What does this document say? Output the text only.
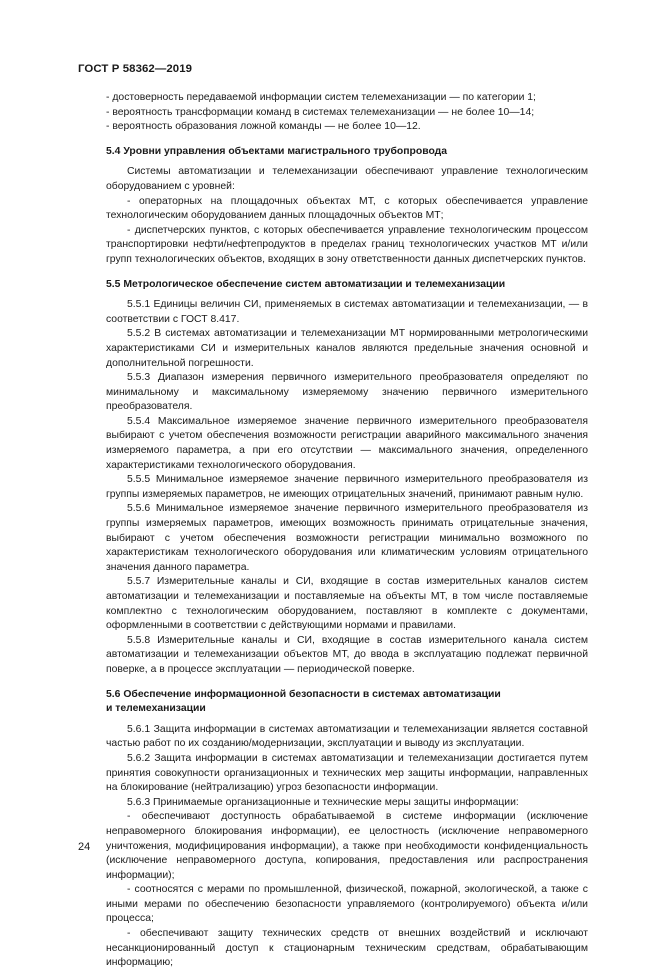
ГОСТ Р 58362—2019

- достоверность передаваемой информации систем телемеханизации — по категории 1;

- вероятность трансформации команд в системах телемеханизации — не более 10—14;

- вероятность образования ложной команды — не более 10—12.

5.4 Уровни управления объектами магистрального трубопровода

Системы автоматизации и телемеханизации обеспечивают управление технологическим оборудованием с уровней:

- операторных на площадочных объектах МТ, с которых обеспечивается управление технологическим оборудованием данных площадочных объектов МТ;

- диспетчерских пунктов, с которых обеспечивается управление технологическим процессом транспортировки нефти/нефтепродуктов в пределах границ технологических участков МТ и/или групп технологических объектов, входящих в зону ответственности данных диспетчерских пунктов.

5.5 Метрологическое обеспечение систем автоматизации и телемеханизации

5.5.1 Единицы величин СИ, применяемых в системах автоматизации и телемеханизации, — в соответствии с ГОСТ 8.417.

5.5.2 В системах автоматизации и телемеханизации МТ нормированными метрологическими характеристиками СИ и измерительных каналов являются предельные значения основной и дополнительной погрешности.

5.5.3 Диапазон измерения первичного измерительного преобразователя определяют по минимальному и максимальному измеряемому значению первичного измерительного преобразователя.

5.5.4 Максимальное измеряемое значение первичного измерительного преобразователя выбирают с учетом обеспечения возможности регистрации аварийного максимального значения измеряемого параметра, а при его отсутствии — максимального значения, определенного характеристиками технологического оборудования.

5.5.5 Минимальное измеряемое значение первичного измерительного преобразователя из группы измеряемых параметров, не имеющих отрицательных значений, принимают равным нулю.

5.5.6 Минимальное измеряемое значение первичного измерительного преобразователя из группы измеряемых параметров, имеющих возможность принимать отрицательные значения, выбирают с учетом обеспечения возможности регистрации минимально возможного по характеристикам технологического оборудования или климатическим условиям отрицательного значения данного параметра.

5.5.7 Измерительные каналы и СИ, входящие в состав измерительных каналов систем автоматизации и телемеханизации и поставляемые на объекты МТ, в том числе поставляемые комплектно с технологическим оборудованием, поставляют в комплекте с документами, оформленными в соответствии с действующими нормами и правилами.

5.5.8 Измерительные каналы и СИ, входящие в состав измерительного канала систем автоматизации и телемеханизации объектов МТ, до ввода в эксплуатацию подлежат первичной поверке, а в процессе эксплуатации — периодической поверке.

5.6 Обеспечение информационной безопасности в системах автоматизации
и телемеханизации

5.6.1 Защита информации в системах автоматизации и телемеханизации является составной частью работ по их созданию/модернизации, эксплуатации и выводу из эксплуатации.

5.6.2 Защита информации в системах автоматизации и телемеханизации достигается путем принятия совокупности организационных и технических мер защиты информации, направленных на блокирование (нейтрализацию) угроз безопасности информации.

5.6.3 Принимаемые организационные и технические меры защиты информации:

- обеспечивают доступность обрабатываемой в системе информации (исключение неправомерного блокирования информации), ее целостность (исключение неправомерного уничтожения, модифицирования информации), а также при необходимости конфиденциальность (исключение неправомерного доступа, копирования, предоставления или распространения информации);

- соотносятся с мерами по промышленной, физической, пожарной, экологической, а также с иными мерами по обеспечению безопасности управляемого (контролируемого) объекта и/или процесса;

- обеспечивают защиту технических средств от внешних воздействий и исключают несанкционированный доступ к стационарным техническим средствам, обрабатывающим информацию;

24
